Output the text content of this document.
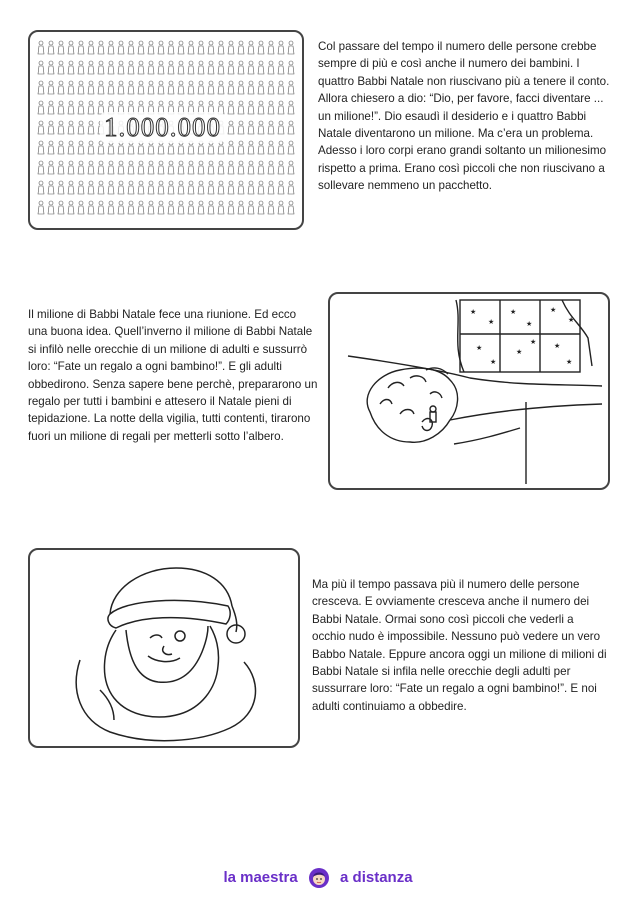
1.000.000
Col passare del tempo il numero delle persone crebbe sempre di più e così anche il numero dei bambini. I quattro Babbi Natale non riuscivano più a tenere il conto. Allora chiesero a dio: “Dio, per favore, facci diventare ... un milione!”. Dio esaudì il desiderio e i quattro Babbi Natale diventarono un milione. Ma c’era un problema. Adesso i loro corpi erano grandi soltanto un milionesimo rispetto a prima. Erano così piccoli che non riuscivano a sollevare nemmeno un pacchetto.
Il milione di Babbi Natale fece una riunione. Ed ecco una buona idea. Quell’inverno il milione di Babbi Natale si infilò nelle orecchie di un milione di adulti e sussurrò loro: “Fate un regalo a ogni bambino!”. E gli adulti obbedirono. Senza sapere bene perchè, prepararono un regalo per tutti i bambini e attesero il Natale pieni di tepidazione. La notte della vigilia, tutti contenti, tirarono fuori un milione di regali per metterli sotto l’albero.
★
★
★
★
★
★
★	★
★
★	★
★
Ma più il tempo passava più il numero delle persone cresceva. E ovviamente cresceva anche il numero dei Babbi Natale. Ormai sono così piccoli che vederli a occhio nudo è impossibile. Nessuno può vedere un vero Babbo Natale. Eppure ancora oggi un milione di milioni di Babbi Natale si infila nelle orecchie degli adulti per sussurrare loro: “Fate un regalo a ogni bambino!”. E noi adulti continuiamo a obbedire.
la maestra	a distanza
